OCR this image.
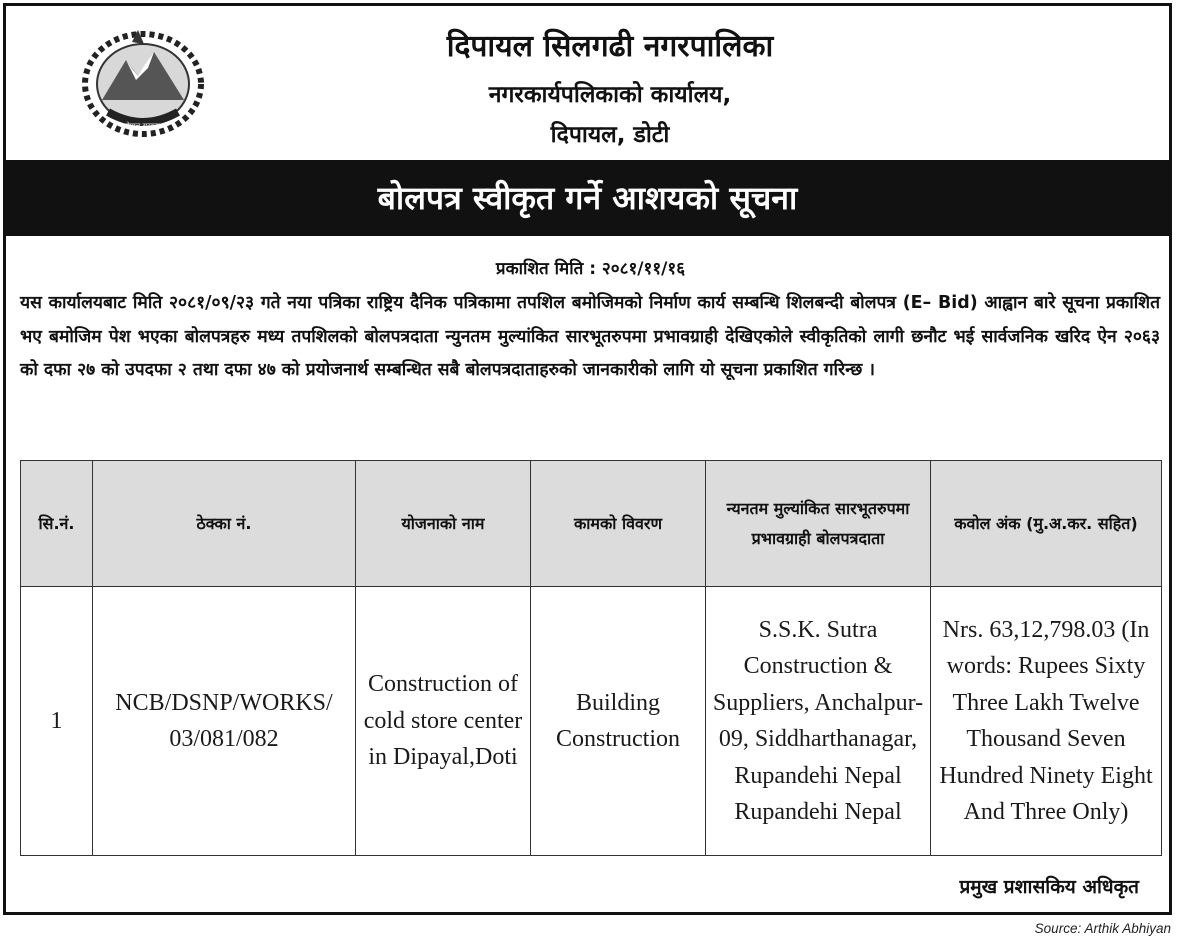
नेपाल सरकार
दिपायल सिलगढी नगरपालिका
नगरकार्यपलिकाको कार्यालय,
दिपायल, डोटी
बोलपत्र स्वीकृत गर्ने आशयको सूचना
प्रकाशित मिति : २०८१/११/१६
यस कार्यालयबाट मिति २०८१/०९/२३ गते नया पत्रिका राष्ट्रिय दैनिक पत्रिकामा तपशिल बमोजिमको निर्माण कार्य सम्बन्धि शिलबन्दी बोलपत्र (E– Bid) आह्वान बारे सूचना प्रकाशित भए बमोजिम पेश भएका बोलपत्रहरु मध्य तपशिलको बोलपत्रदाता न्युनतम मुल्यांकित सारभूतरुपमा प्रभावग्राही देखिएकोले स्वीकृतिको लागी छनौट भई सार्वजनिक खरिद ऐन २०६३ को दफा २७ को उपदफा २ तथा दफा ४७ को प्रयोजनार्थ सम्बन्धित सबै बोलपत्रदाताहरुको जानकारीको लागि यो सूचना प्रकाशित गरिन्छ ।
सि.नं.	ठेक्का नं.	योजनाको नाम	कामको विवरण	न्यनतम मुल्यांकित सारभूतरुपमा प्रभावग्राही बोलपत्रदाता	कवोल अंक (मु.अ.कर. सहित)
1	NCB/DSNP/WORKS/ 03/081/082	Construction of cold store center in Dipayal,Doti	Building Construction	S.S.K. Sutra Construction & Suppliers, Anchalpur-09, Siddharthanagar, Rupandehi Nepal Rupandehi Nepal	Nrs. 63,12,798.03 (In words: Rupees Sixty Three Lakh Twelve Thousand Seven Hundred Ninety Eight And Three Only)
प्रमुख प्रशासकिय अधिकृत
Source: Arthik Abhiyan
